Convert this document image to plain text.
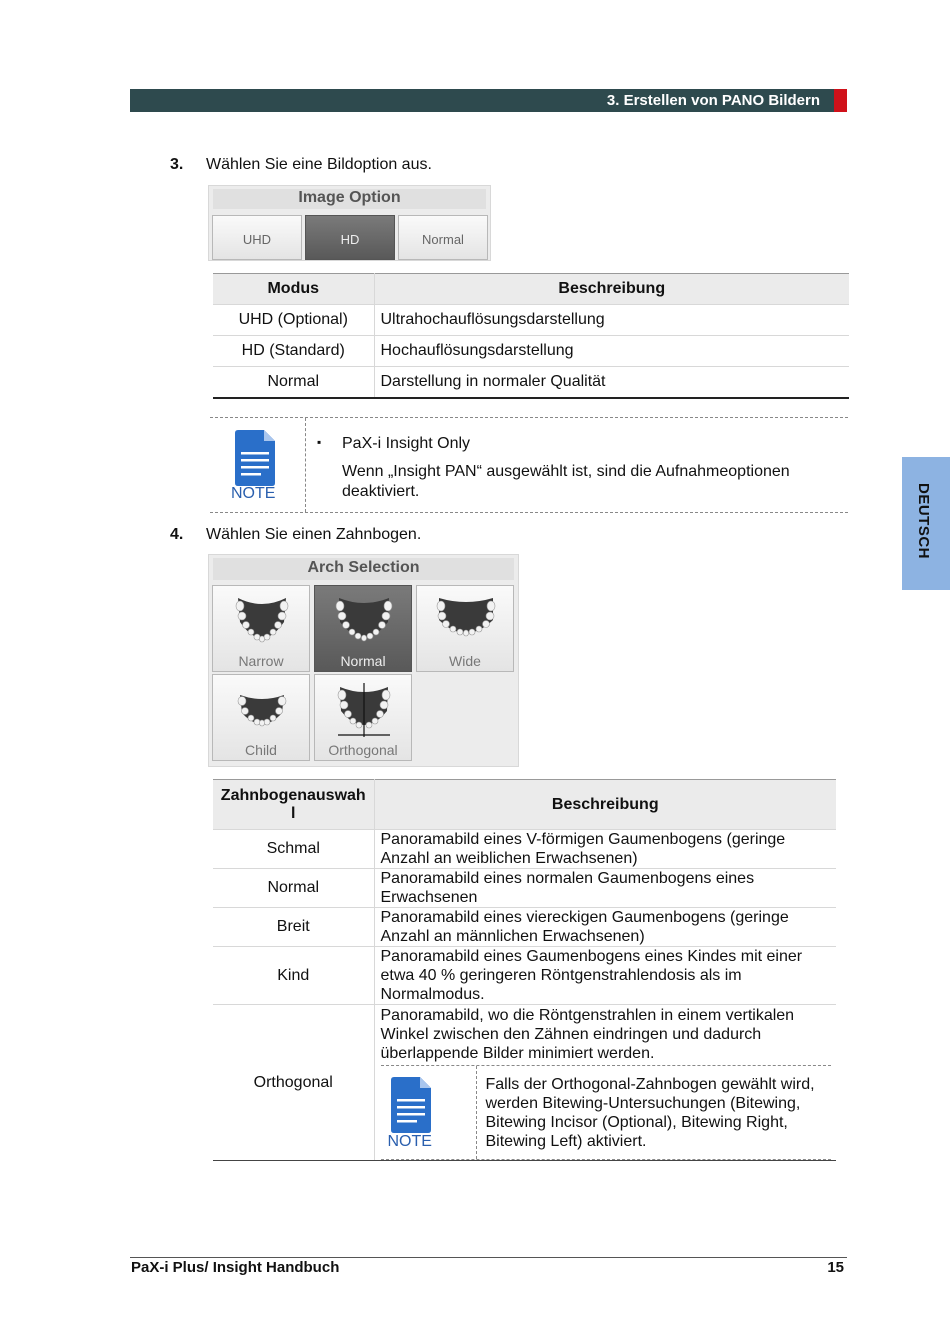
3. Erstellen von PANO Bildern
DEUTSCH
3. Wählen Sie eine Bildoption aus.
Image Option
UHD	HD	Normal
Modus	Beschreibung
UHD (Optional)	Ultrahochauflösungsdarstellung
HD (Standard)	Hochauflösungsdarstellung
Normal	Darstellung in normaler Qualität
NOTE
▪ PaX-i Insight Only
Wenn „Insight PAN“ ausgewählt ist, sind die Aufnahmeoptionen deaktiviert.
4. Wählen Sie einen Zahnbogen.
Arch Selection
Narrow	Normal	Wide
Child	Orthogonal
Zahnbogenauswahl	Beschreibung
Schmal	Panoramabild eines V-förmigen Gaumenbogens (geringe Anzahl an weiblichen Erwachsenen)
Normal	Panoramabild eines normalen Gaumenbogens eines Erwachsenen
Breit	Panoramabild eines viereckigen Gaumenbogens (geringe Anzahl an männlichen Erwachsenen)
Kind	Panoramabild eines Gaumenbogens eines Kindes mit einer etwa 40 % geringeren Röntgenstrahlendosis als im Normalmodus.
Orthogonal	Panoramabild, wo die Röntgenstrahlen in einem vertikalen Winkel zwischen den Zähnen eindringen und dadurch überlappende Bilder minimiert werden.
NOTE
Falls der Orthogonal-Zahnbogen gewählt wird, werden Bitewing-Untersuchungen (Bitewing, Bitewing Incisor (Optional), Bitewing Right, Bitewing Left) aktiviert.
PaX-i Plus/ Insight Handbuch	15
